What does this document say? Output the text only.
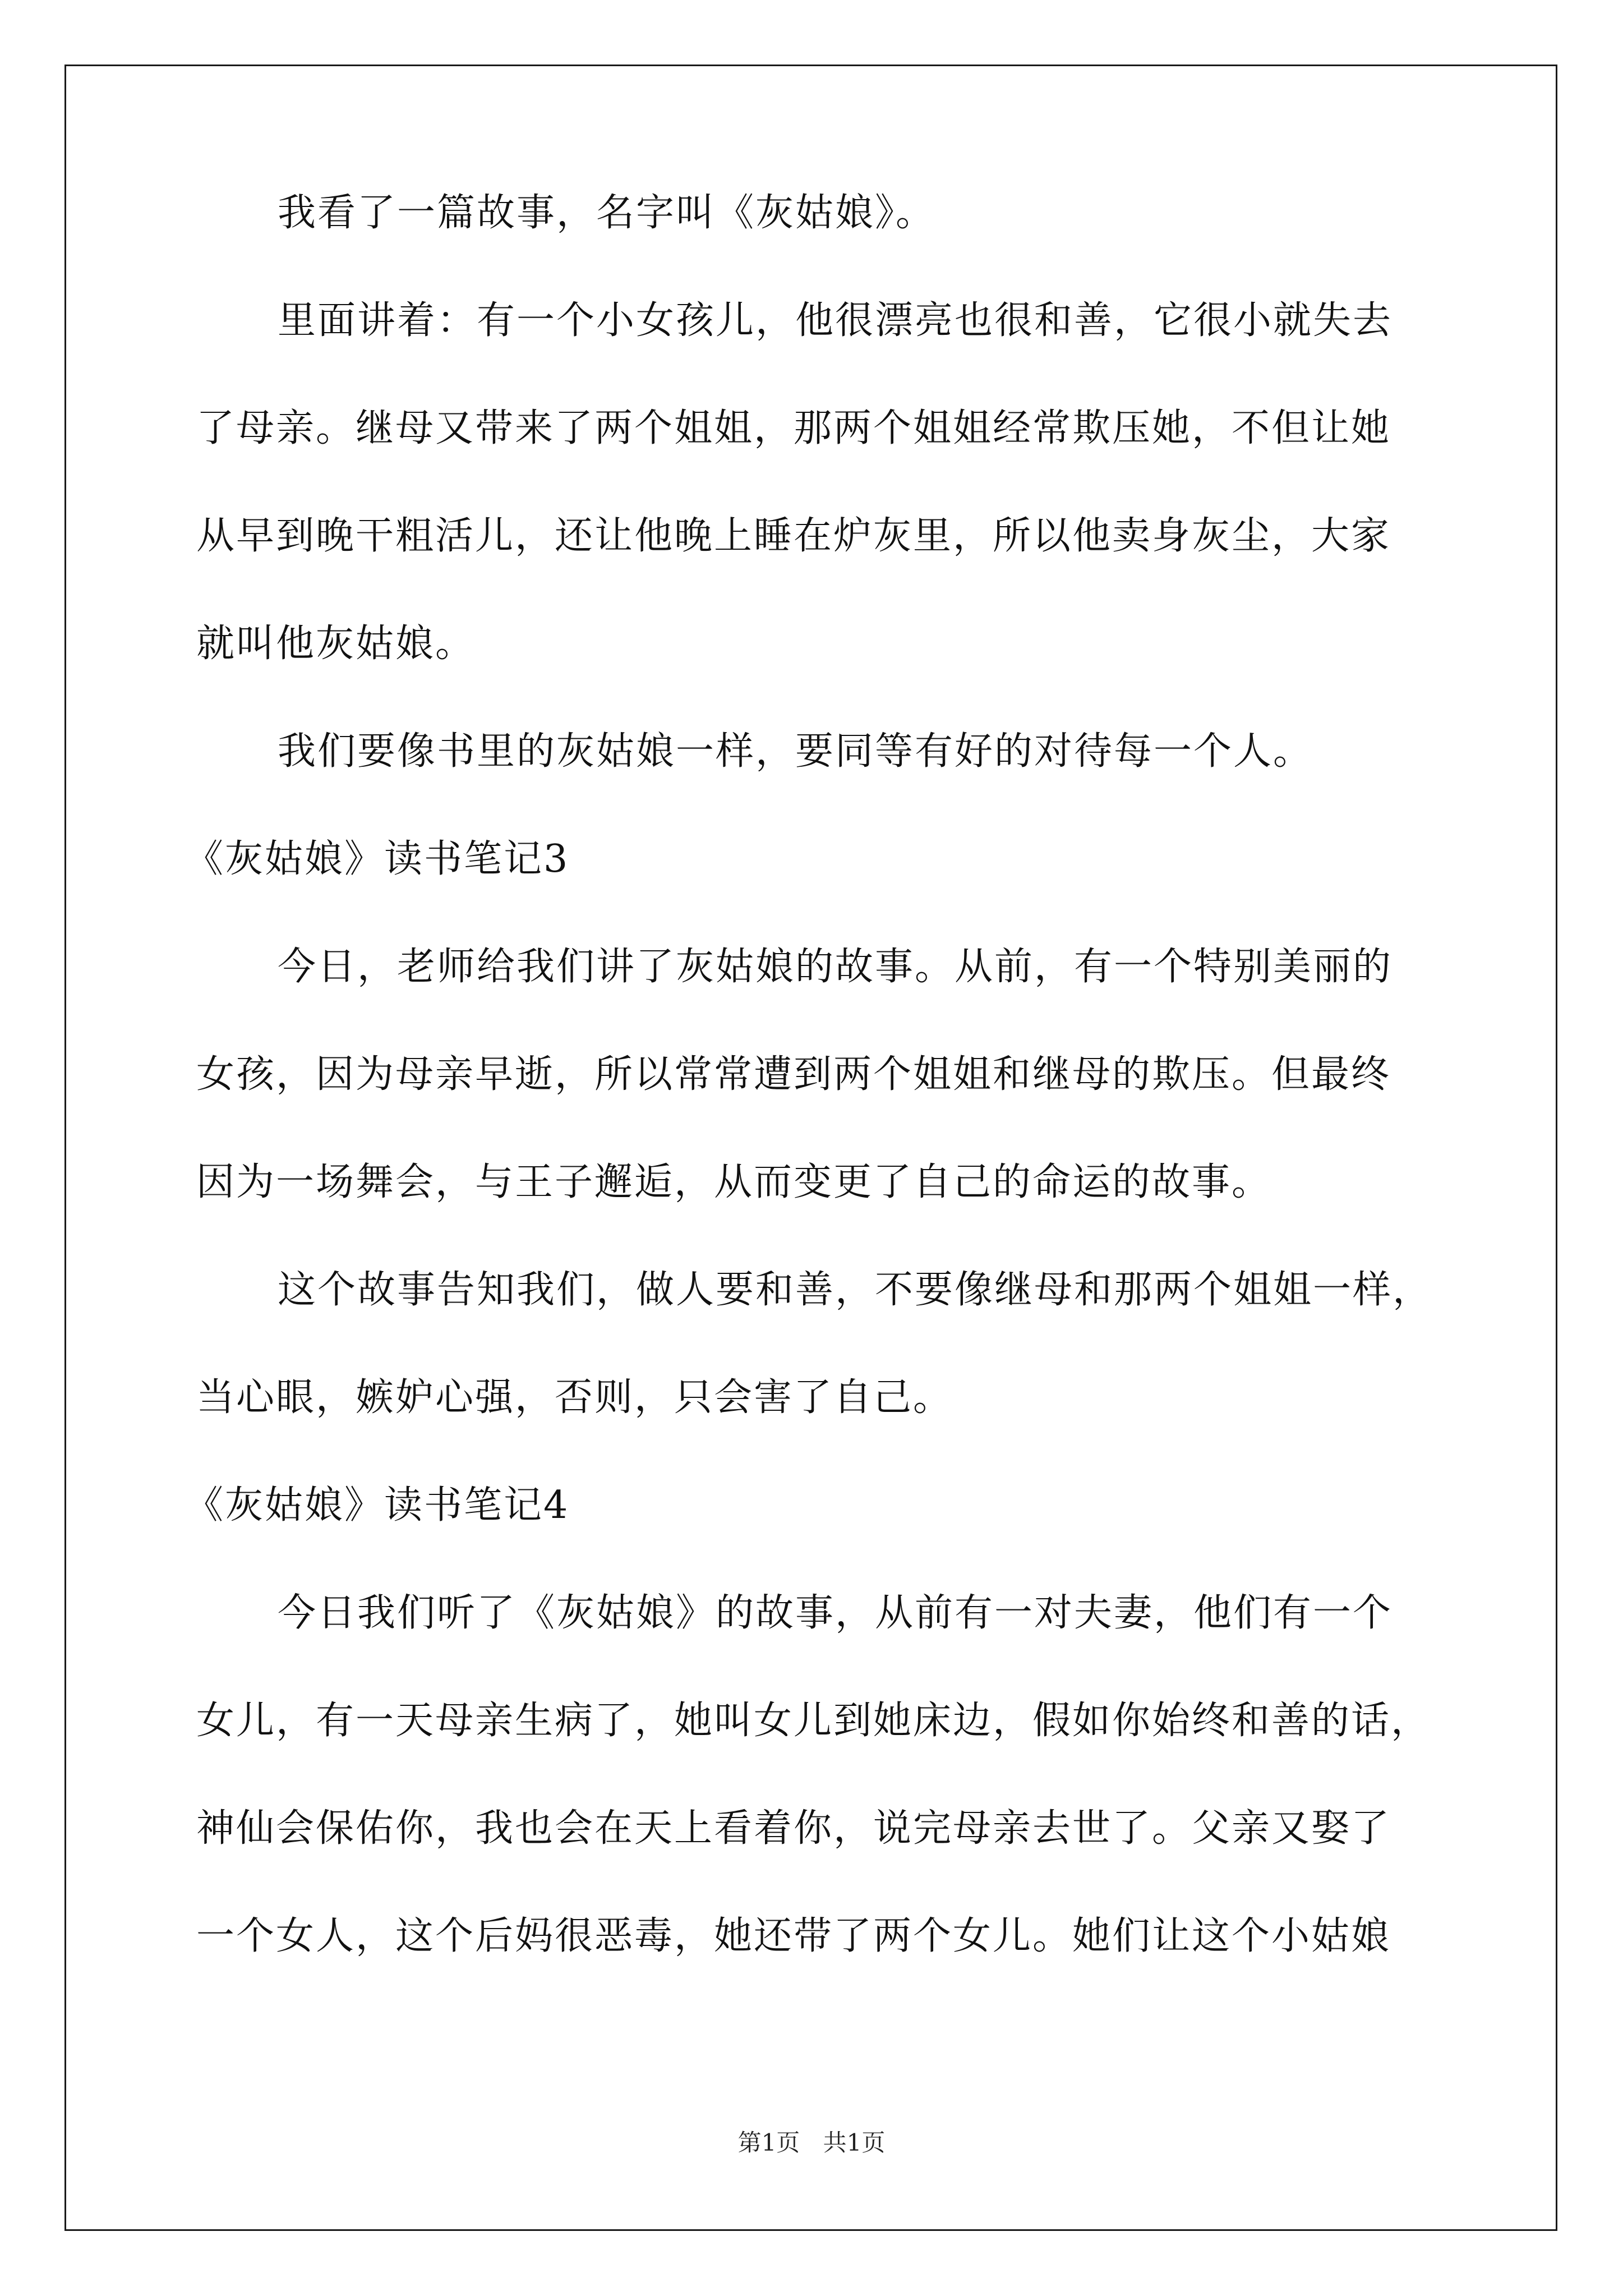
我看了一篇故事，名字叫《灰姑娘》。
里面讲着：有一个小女孩儿，他很漂亮也很和善，它很小就失去
了母亲。继母又带来了两个姐姐，那两个姐姐经常欺压她，不但让她
从早到晚干粗活儿，还让他晚上睡在炉灰里，所以他卖身灰尘，大家
就叫他灰姑娘。
我们要像书里的灰姑娘一样，要同等有好的对待每一个人。
《灰姑娘》读书笔记3
今日，老师给我们讲了灰姑娘的故事。从前，有一个特别美丽的
女孩，因为母亲早逝，所以常常遭到两个姐姐和继母的欺压。但最终
因为一场舞会，与王子邂逅，从而变更了自己的命运的故事。
这个故事告知我们，做人要和善，不要像继母和那两个姐姐一样，
当心眼，嫉妒心强，否则，只会害了自己。
《灰姑娘》读书笔记4
今日我们听了《灰姑娘》的故事，从前有一对夫妻，他们有一个
女儿，有一天母亲生病了，她叫女儿到她床边，假如你始终和善的话，
神仙会保佑你，我也会在天上看着你，说完母亲去世了。父亲又娶了
一个女人，这个后妈很恶毒，她还带了两个女儿。她们让这个小姑娘
第1页 共1页
